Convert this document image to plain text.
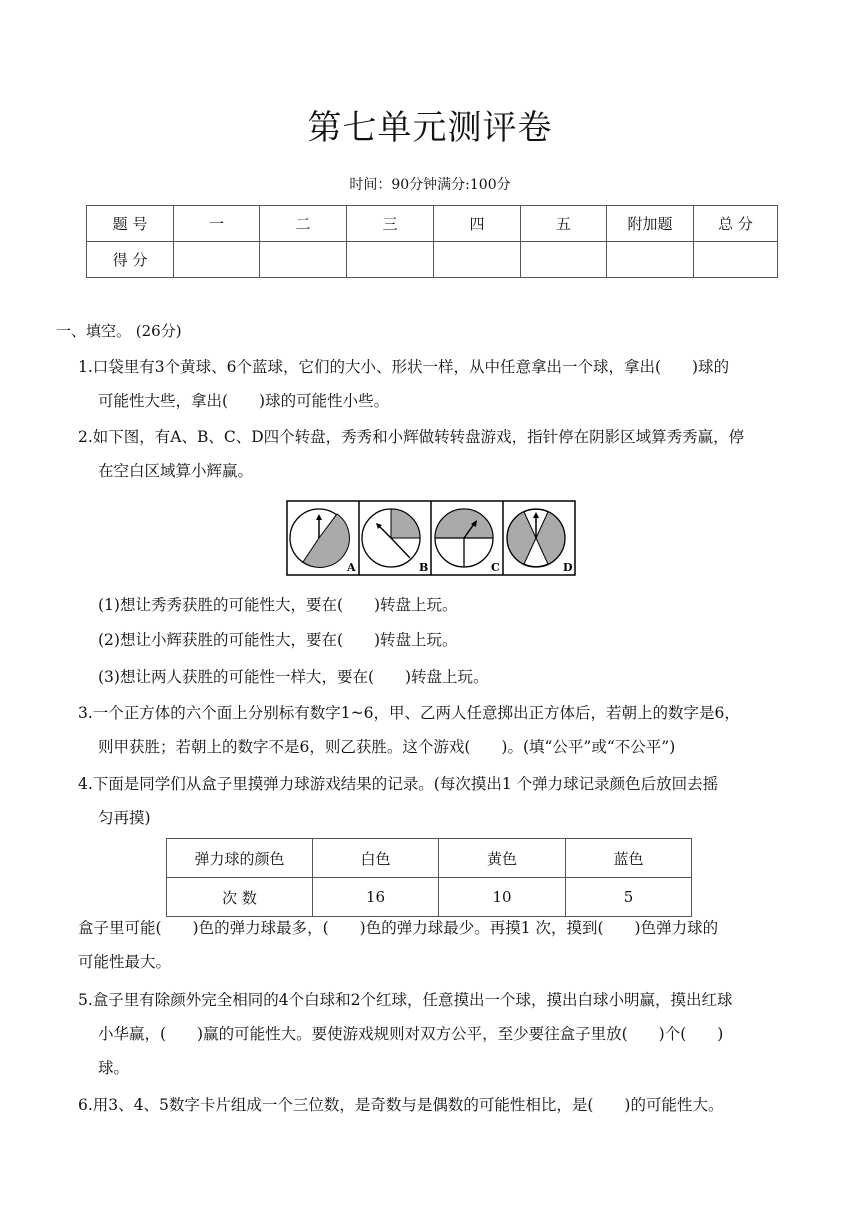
第七单元测评卷
时间：90分钟满分:100分
题 号	一	二	三	四	五	附加题	总 分
得 分							
一、填空。 (26分)
1.口袋里有3个黄球、6个蓝球，它们的大小、形状一样，从中任意拿出一个球，拿出(　　)球的
可能性大些，拿出(　　)球的可能性小些。
2.如下图，有A、B、C、D四个转盘，秀秀和小辉做转转盘游戏，指针停在阴影区域算秀秀赢，停
在空白区域算小辉赢。
A	B	C	D
(1)想让秀秀获胜的可能性大，要在(　　)转盘上玩。
(2)想让小辉获胜的可能性大，要在(　　)转盘上玩。
(3)想让两人获胜的可能性一样大，要在(　　)转盘上玩。
3.一个正方体的六个面上分别标有数字1~6，甲、乙两人任意掷出正方体后，若朝上的数字是6，
则甲获胜；若朝上的数字不是6，则乙获胜。这个游戏(　　)。(填“公平”或“不公平”)
4.下面是同学们从盒子里摸弹力球游戏结果的记录。(每次摸出1 个弹力球记录颜色后放回去摇
匀再摸)
弹力球的颜色	白色	黄色	蓝色
次 数	16	10	5
盒子里可能(　　)色的弹力球最多，(　　)色的弹力球最少。再摸1 次，摸到(　　)色弹力球的
可能性最大。
5.盒子里有除颜外完全相同的4个白球和2个红球，任意摸出一个球，摸出白球小明赢，摸出红球
小华赢，(　　)赢的可能性大。要使游戏规则对双方公平，至少要往盒子里放(　　)个(　　)
球。
6.用3、4、5数字卡片组成一个三位数，是奇数与是偶数的可能性相比，是(　　)的可能性大。
